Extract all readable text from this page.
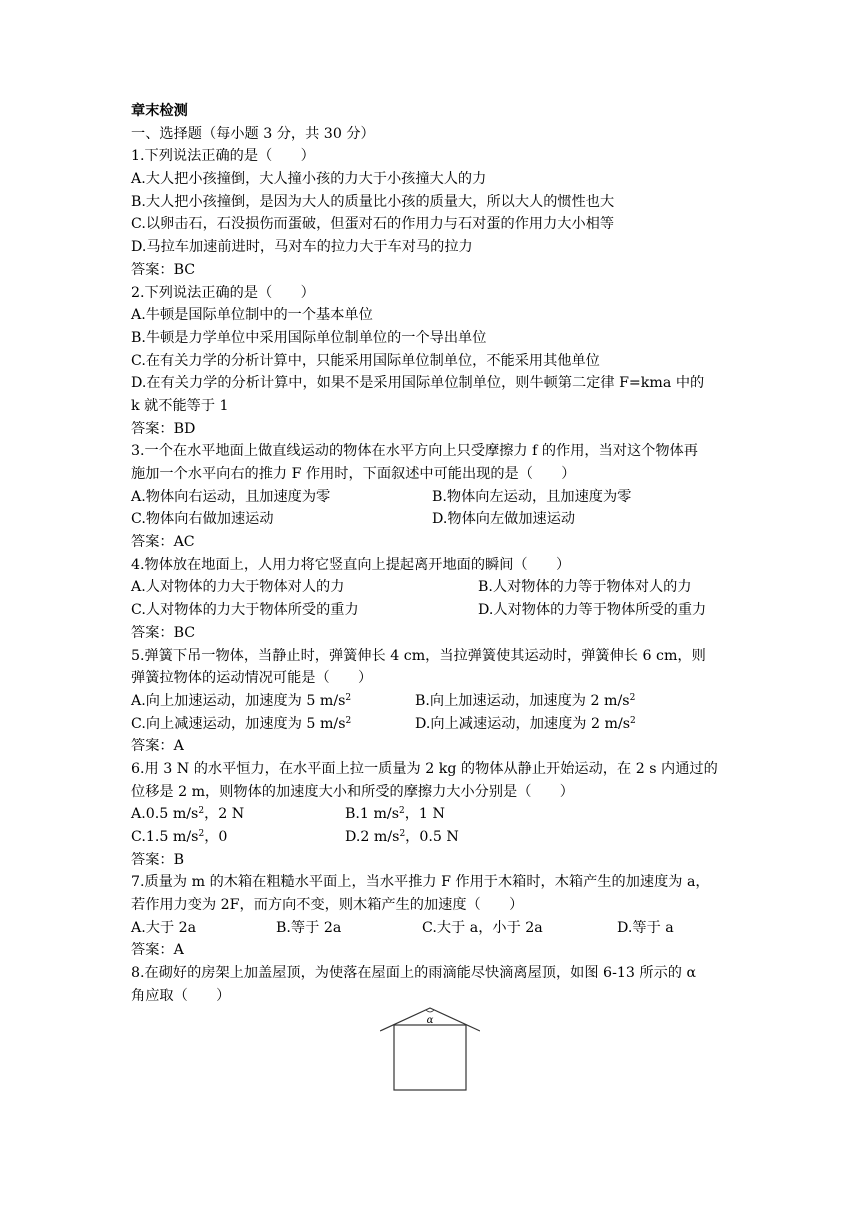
章末检测
一、选择题（每小题 3 分，共 30 分）
1.下列说法正确的是（　　）
A.大人把小孩撞倒，大人撞小孩的力大于小孩撞大人的力
B.大人把小孩撞倒，是因为大人的质量比小孩的质量大，所以大人的惯性也大
C.以卵击石，石没损伤而蛋破，但蛋对石的作用力与石对蛋的作用力大小相等
D.马拉车加速前进时，马对车的拉力大于车对马的拉力
答案：BC
2.下列说法正确的是（　　）
A.牛顿是国际单位制中的一个基本单位
B.牛顿是力学单位中采用国际单位制单位的一个导出单位
C.在有关力学的分析计算中，只能采用国际单位制单位，不能采用其他单位
D.在有关力学的分析计算中，如果不是采用国际单位制单位，则牛顿第二定律 F=kma 中的
k 就不能等于 1
答案：BD
3.一个在水平地面上做直线运动的物体在水平方向上只受摩擦力 f 的作用，当对这个物体再
施加一个水平向右的推力 F 作用时，下面叙述中可能出现的是（　　）
A.物体向右运动，且加速度为零	B.物体向左运动，且加速度为零
C.物体向右做加速运动	D.物体向左做加速运动
答案：AC
4.物体放在地面上，人用力将它竖直向上提起离开地面的瞬间（　　）
A.人对物体的力大于物体对人的力	B.人对物体的力等于物体对人的力
C.人对物体的力大于物体所受的重力	D.人对物体的力等于物体所受的重力
答案：BC
5.弹簧下吊一物体，当静止时，弹簧伸长 4 cm，当拉弹簧使其运动时，弹簧伸长 6 cm，则
弹簧拉物体的运动情况可能是（　　）
A.向上加速运动，加速度为 5 $m/s^2$	B.向上加速运动，加速度为 2 $m/s^2$
C.向上减速运动，加速度为 5 $m/s^2$	D.向上减速运动，加速度为 2 $m/s^2$
答案：A
6.用 3 N 的水平恒力，在水平面上拉一质量为 2 kg 的物体从静止开始运动，在 2 s 内通过的
位移是 2 m，则物体的加速度大小和所受的摩擦力大小分别是（　　）
A.0.5 $m/s^2$，2 N	B.1 $m/s^2$，1 N
C.1.5 $m/s^2$，0	D.2 $m/s^2$，0.5 N
答案：B
7.质量为 m 的木箱在粗糙水平面上，当水平推力 F 作用于木箱时，木箱产生的加速度为 a，
若作用力变为 2F，而方向不变，则木箱产生的加速度（　　）
A.大于 2a	B.等于 2a	C.大于 a，小于 2a	D.等于 a
答案：A
8.在砌好的房架上加盖屋顶，为使落在屋面上的雨滴能尽快滴离屋顶，如图 6-13 所示的 α
角应取（　　）
α
